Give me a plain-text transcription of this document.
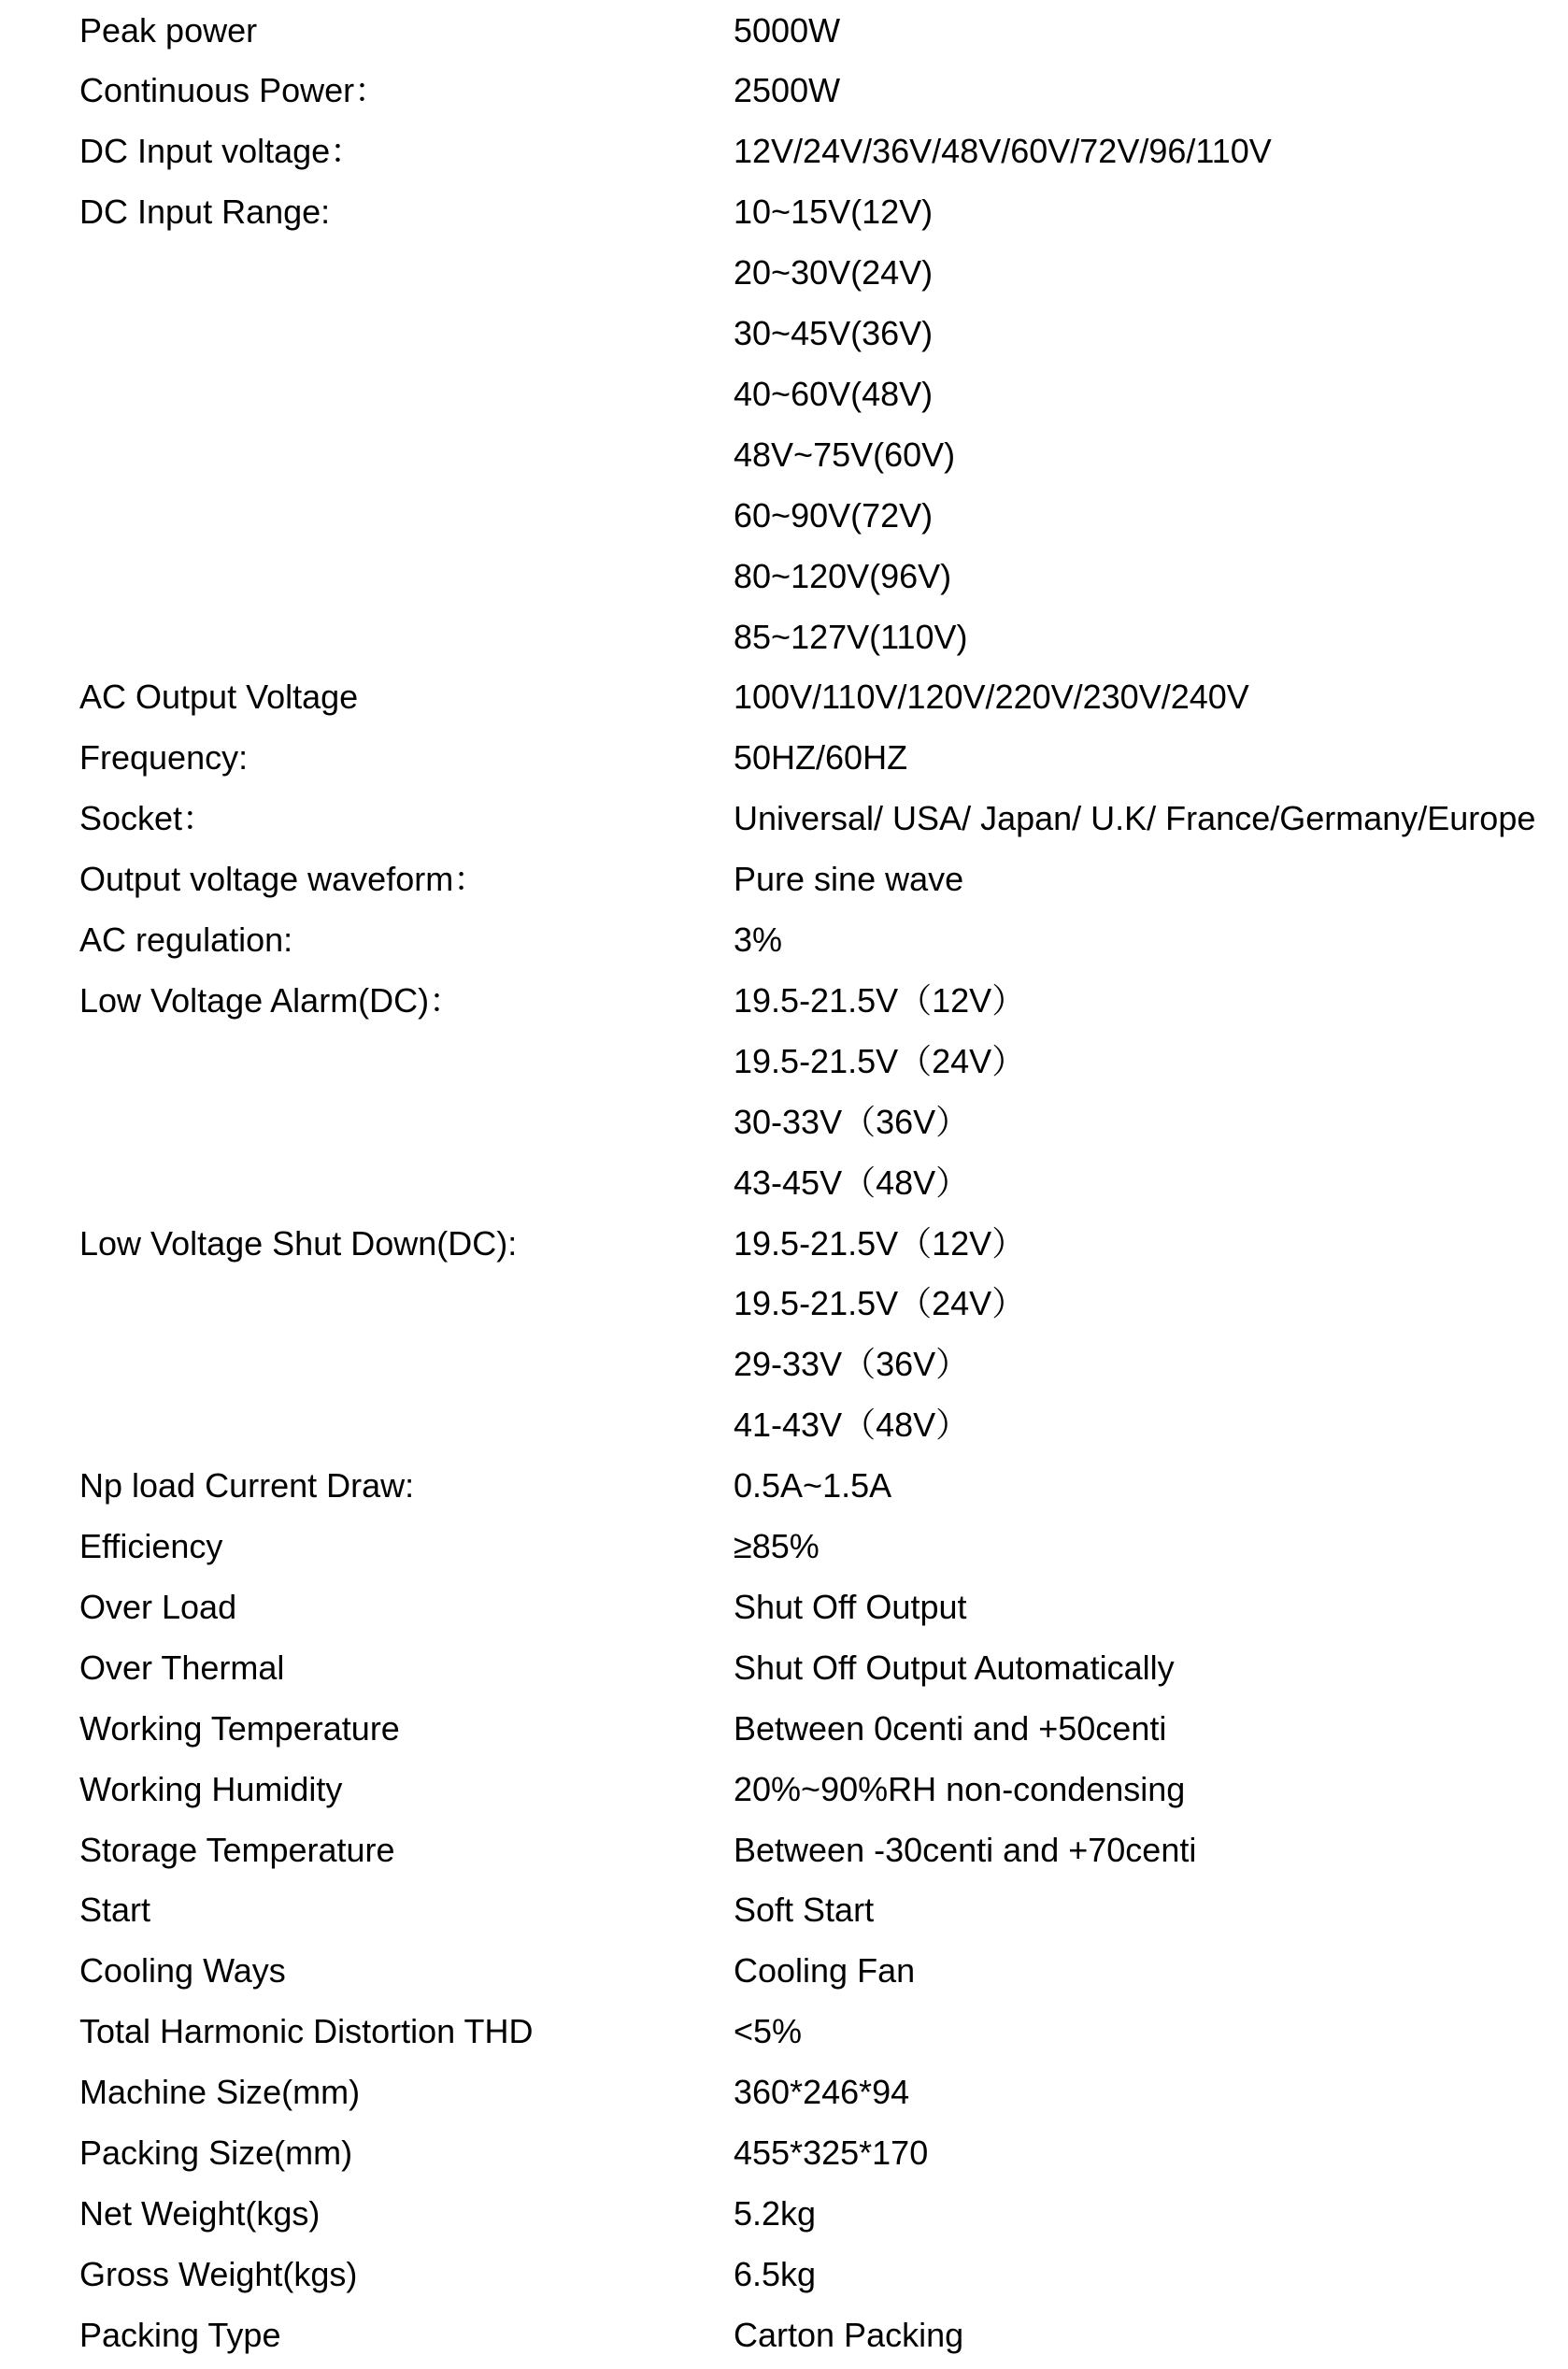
Peak power	5000W
Continuous Power：	2500W
DC Input voltage：	12V/24V/36V/48V/60V/72V/96/110V
DC Input Range:	10~15V(12V)
20~30V(24V)
30~45V(36V)
40~60V(48V)
48V~75V(60V)
60~90V(72V)
80~120V(96V)
85~127V(110V)
AC Output Voltage	100V/110V/120V/220V/230V/240V
Frequency:	50HZ/60HZ
Socket：	Universal/ USA/ Japan/ U.K/ France/Germany/Europe
Output voltage waveform：	Pure sine wave
AC regulation:	3%
Low Voltage Alarm(DC)：	19.5-21.5V（12V）
19.5-21.5V（24V）
30-33V（36V）
43-45V（48V）
Low Voltage Shut Down(DC):	19.5-21.5V（12V）
19.5-21.5V（24V）
29-33V（36V）
41-43V（48V）
Np load Current Draw:	0.5A~1.5A
Efficiency	≥85%
Over Load	Shut Off Output
Over Thermal	Shut Off Output Automatically
Working Temperature	Between 0centi and +50centi
Working Humidity	20%~90%RH non-condensing
Storage Temperature	Between -30centi and +70centi
Start	Soft Start
Cooling Ways	Cooling Fan
Total Harmonic Distortion THD	<5%
Machine Size(mm)	360*246*94
Packing Size(mm)	455*325*170
Net Weight(kgs)	5.2kg
Gross Weight(kgs)	6.5kg
Packing Type	Carton Packing
